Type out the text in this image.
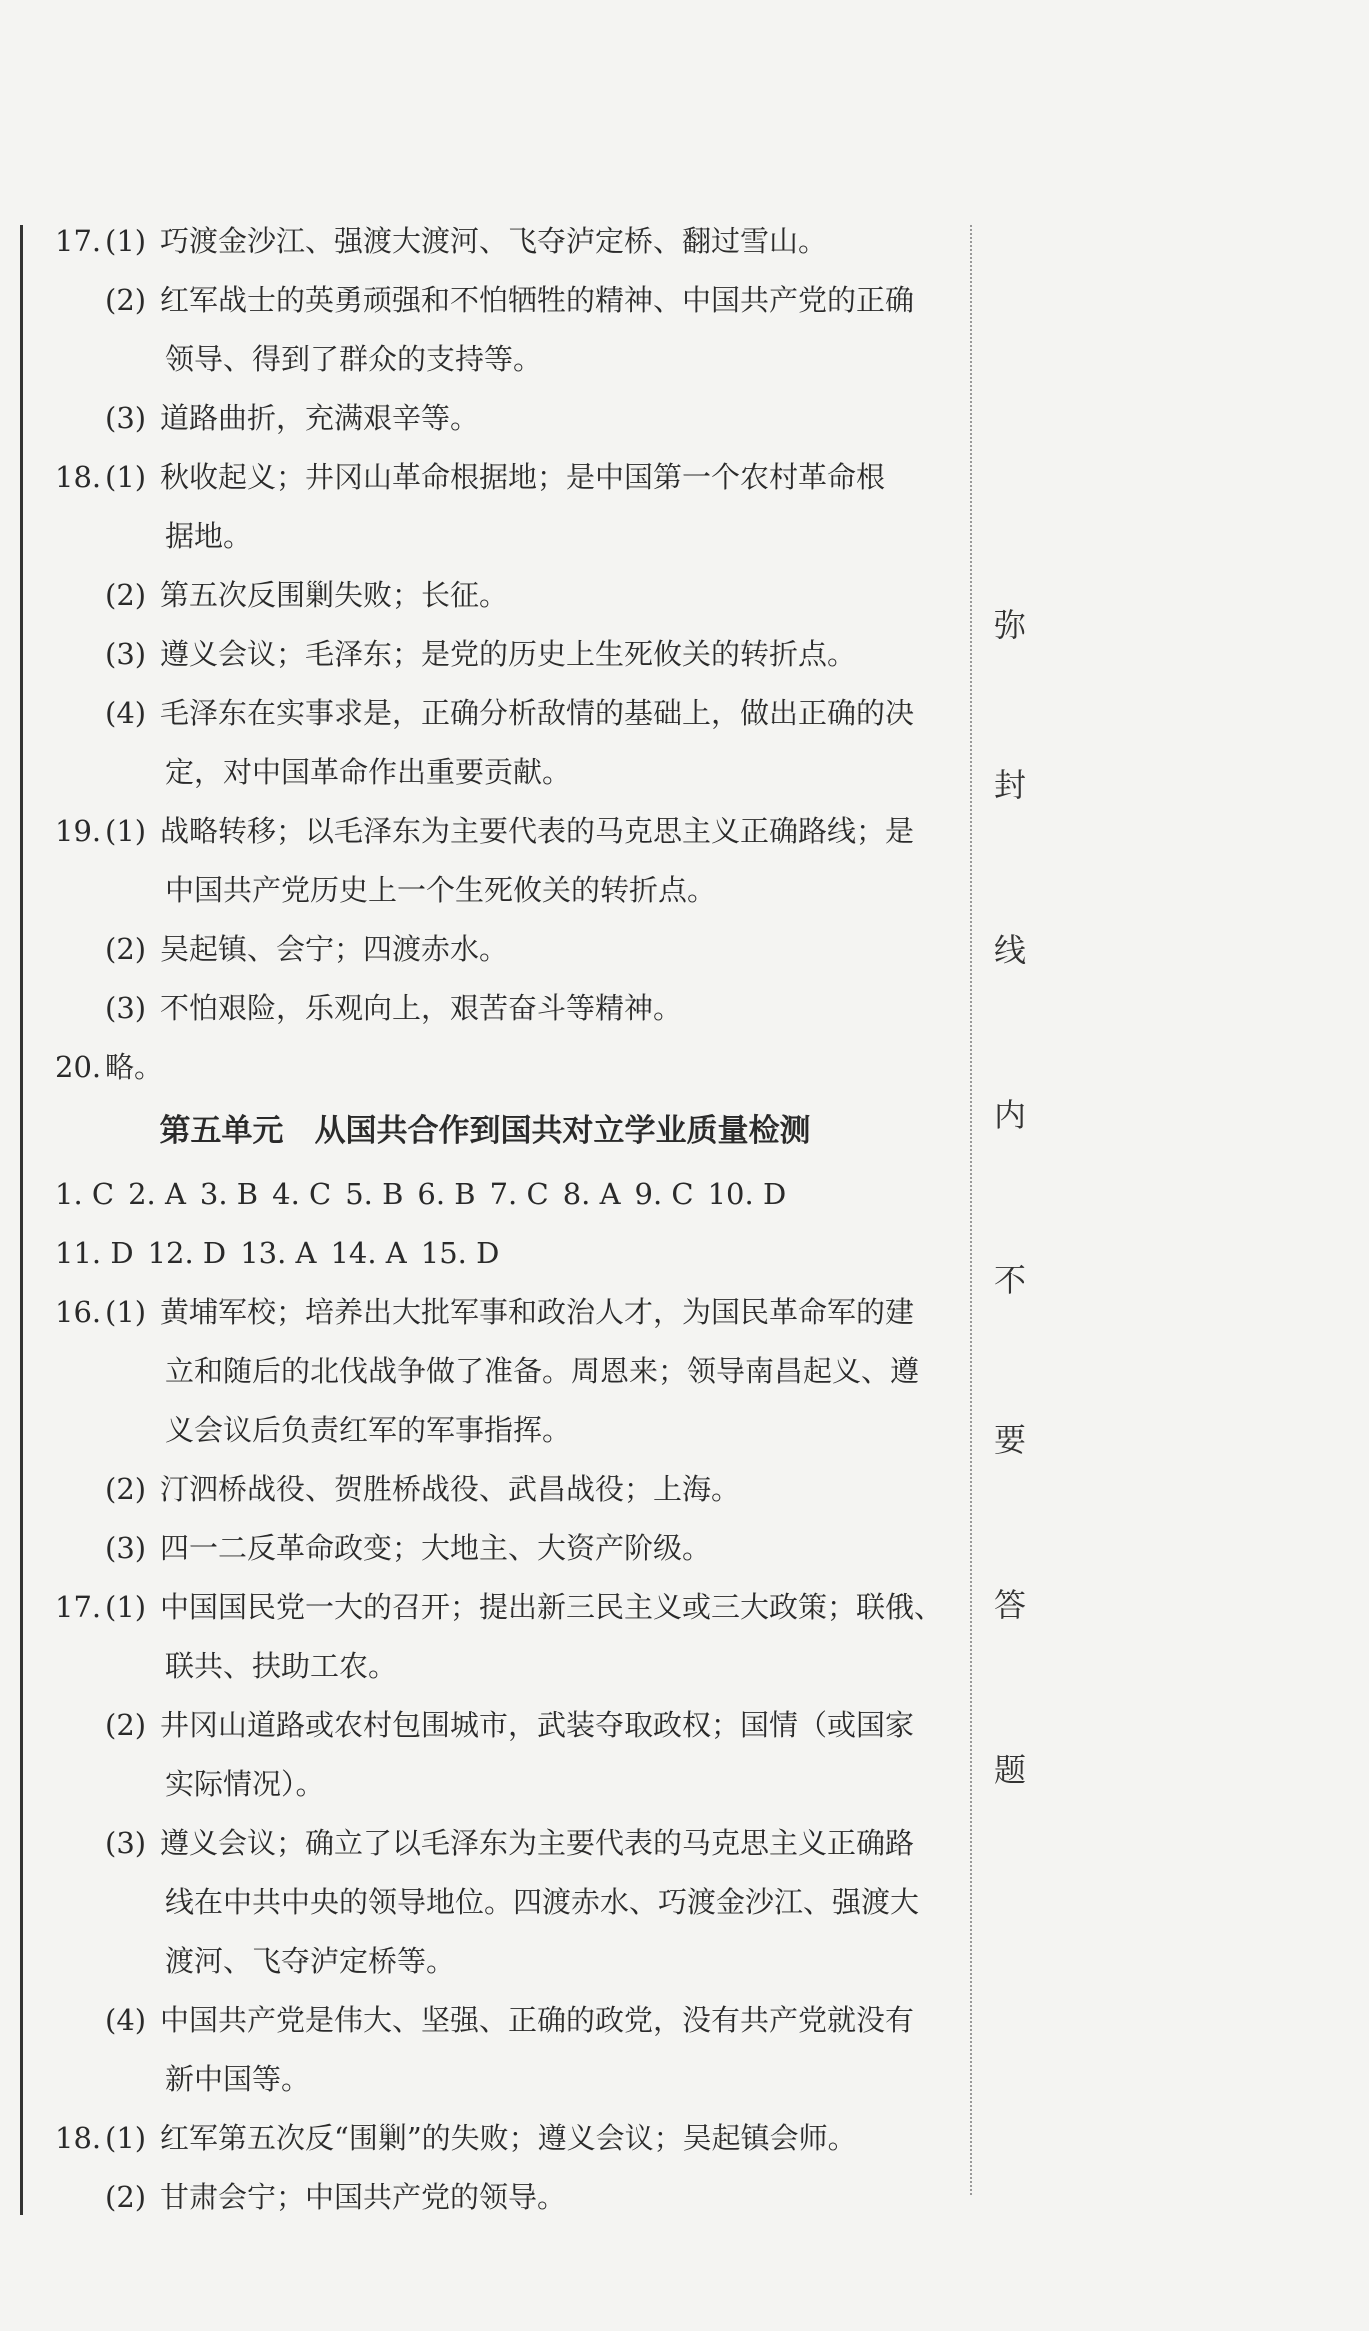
弥
封
线
内
不
要
答
题
17. (1) 巧渡金沙江、强渡大渡河、飞夺泸定桥、翻过雪山。
(2) 红军战士的英勇顽强和不怕牺牲的精神、中国共产党的正确
领导、得到了群众的支持等。
(3) 道路曲折，充满艰辛等。
18. (1) 秋收起义；井冈山革命根据地；是中国第一个农村革命根
据地。
(2) 第五次反围剿失败；长征。
(3) 遵义会议；毛泽东；是党的历史上生死攸关的转折点。
(4) 毛泽东在实事求是，正确分析敌情的基础上，做出正确的决
定，对中国革命作出重要贡献。
19. (1) 战略转移；以毛泽东为主要代表的马克思主义正确路线；是
中国共产党历史上一个生死攸关的转折点。
(2) 吴起镇、会宁；四渡赤水。
(3) 不怕艰险，乐观向上，艰苦奋斗等精神。
20. 略。
第五单元　从国共合作到国共对立学业质量检测
1. C 2. A 3. B 4. C 5. B 6. B 7. C 8. A 9. C 10. D
11. D 12. D 13. A 14. A 15. D
16. (1) 黄埔军校；培养出大批军事和政治人才，为国民革命军的建
立和随后的北伐战争做了准备。周恩来；领导南昌起义、遵
义会议后负责红军的军事指挥。
(2) 汀泗桥战役、贺胜桥战役、武昌战役；上海。
(3) 四一二反革命政变；大地主、大资产阶级。
17. (1) 中国国民党一大的召开；提出新三民主义或三大政策；联俄、
联共、扶助工农。
(2) 井冈山道路或农村包围城市，武装夺取政权；国情（或国家
实际情况）。
(3) 遵义会议；确立了以毛泽东为主要代表的马克思主义正确路
线在中共中央的领导地位。四渡赤水、巧渡金沙江、强渡大
渡河、飞夺泸定桥等。
(4) 中国共产党是伟大、坚强、正确的政党，没有共产党就没有
新中国等。
18. (1) 红军第五次反“围剿”的失败；遵义会议；吴起镇会师。
(2) 甘肃会宁；中国共产党的领导。
